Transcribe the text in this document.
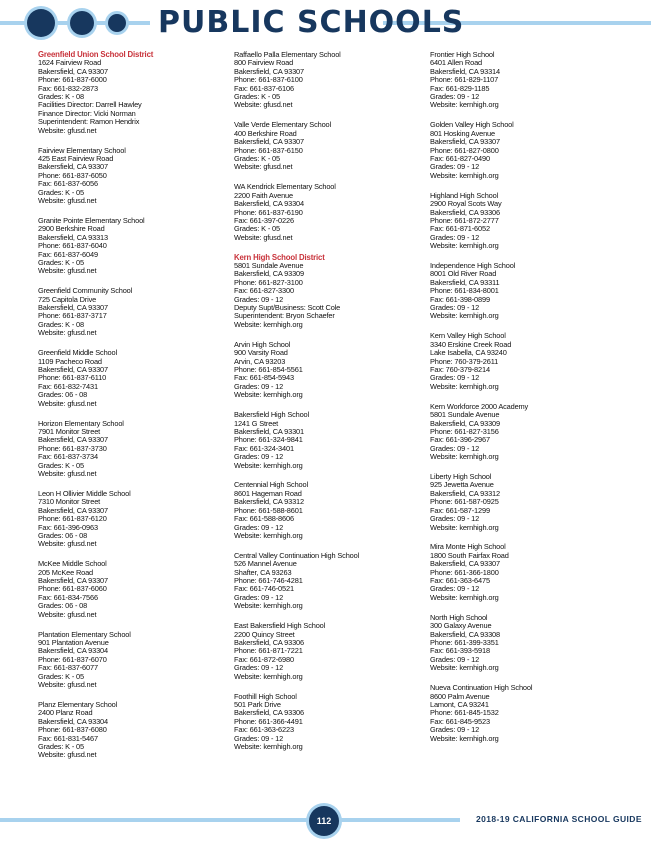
PUBLIC SCHOOLS
Greenfield Union School District
1624 Fairview Road
Bakersfield, CA 93307
Phone: 661-837-6000
Fax: 661-832-2873
Grades: K - 08
Facilities Director: Darrell Hawley
Finance Director: Vicki Norman
Superintendent: Ramon Hendrix
Website: gfusd.net
Fairview Elementary School
425 East Fairview Road
Bakersfield, CA 93307
Phone: 661-837-6050
Fax: 661-837-6056
Grades: K - 05
Website: gfusd.net
Granite Pointe Elementary School
2900 Berkshire Road
Bakersfield, CA 93313
Phone: 661-837-6040
Fax: 661-837-6049
Grades: K - 05
Website: gfusd.net
Greenfield Community School
725 Capitola Drive
Bakersfield, CA 93307
Phone: 661-837-3717
Grades: K - 08
Website: gfusd.net
Greenfield Middle School
1109 Pacheco Road
Bakersfield, CA 93307
Phone: 661-837-6110
Fax: 661-832-7431
Grades: 06 - 08
Website: gfusd.net
Horizon Elementary School
7901 Monitor Street
Bakersfield, CA 93307
Phone: 661-837-3730
Fax: 661-837-3734
Grades: K - 05
Website: gfusd.net
Leon H Ollivier Middle School
7310 Monitor Street
Bakersfield, CA 93307
Phone: 661-837-6120
Fax: 661-396-0963
Grades: 06 - 08
Website: gfusd.net
McKee Middle School
205 McKee Road
Bakersfield, CA 93307
Phone: 661-837-6060
Fax: 661-834-7566
Grades: 06 - 08
Website: gfusd.net
Plantation Elementary School
901 Plantation Avenue
Bakersfield, CA 93304
Phone: 661-837-6070
Fax: 661-837-6077
Grades: K - 05
Website: gfusd.net
Planz Elementary School
2400 Planz Road
Bakersfield, CA 93304
Phone: 661-837-6080
Fax: 661-831-5467
Grades: K - 05
Website: gfusd.net
Raffaello Palla Elementary School
800 Fairview Road
Bakersfield, CA 93307
Phone: 661-837-6100
Fax: 661-837-6106
Grades: K - 05
Website: gfusd.net
Valle Verde Elementary School
400 Berkshire Road
Bakersfield, CA 93307
Phone: 661-837-6150
Grades: K - 05
Website: gfusd.net
WA Kendrick Elementary School
2200 Faith Avenue
Bakersfield, CA 93304
Phone: 661-837-6190
Fax: 661-397-0226
Grades: K - 05
Website: gfusd.net
Kern High School District
5801 Sundale Avenue
Bakersfield, CA 93309
Phone: 661-827-3100
Fax: 661-827-3300
Grades: 09 - 12
Deputy Supt/Business: Scott Cole
Superintendent: Bryon Schaefer
Website: kernhigh.org
Arvin High School
900 Varsity Road
Arvin, CA 93203
Phone: 661-854-5561
Fax: 661-854-5943
Grades: 09 - 12
Website: kernhigh.org
Bakersfield High School
1241 G Street
Bakersfield, CA 93301
Phone: 661-324-9841
Fax: 661-324-3401
Grades: 09 - 12
Website: kernhigh.org
Centennial High School
8601 Hageman Road
Bakersfield, CA 93312
Phone: 661-588-8601
Fax: 661-588-8606
Grades: 09 - 12
Website: kernhigh.org
Central Valley Continuation High School
526 Mannel Avenue
Shafter, CA 93263
Phone: 661-746-4281
Fax: 661-746-0521
Grades: 09 - 12
Website: kernhigh.org
East Bakersfield High School
2200 Quincy Street
Bakersfield, CA 93306
Phone: 661-871-7221
Fax: 661-872-6980
Grades: 09 - 12
Website: kernhigh.org
Foothill High School
501 Park Drive
Bakersfield, CA 93306
Phone: 661-366-4491
Fax: 661-363-6223
Grades: 09 - 12
Website: kernhigh.org
Frontier High School
6401 Allen Road
Bakersfield, CA 93314
Phone: 661-829-1107
Fax: 661-829-1185
Grades: 09 - 12
Website: kernhigh.org
Golden Valley High School
801 Hosking Avenue
Bakersfield, CA 93307
Phone: 661-827-0800
Fax: 661-827-0490
Grades: 09 - 12
Website: kernhigh.org
Highland High School
2900 Royal Scots Way
Bakersfield, CA 93306
Phone: 661-872-2777
Fax: 661-871-6052
Grades: 09 - 12
Website: kernhigh.org
Independence High School
8001 Old River Road
Bakersfield, CA 93311
Phone: 661-834-8001
Fax: 661-398-0899
Grades: 09 - 12
Website: kernhigh.org
Kern Valley High School
3340 Erskine Creek Road
Lake Isabella, CA 93240
Phone: 760-379-2611
Fax: 760-379-8214
Grades: 09 - 12
Website: kernhigh.org
Kern Workforce 2000 Academy
5801 Sundale Avenue
Bakersfield, CA 93309
Phone: 661-827-3156
Fax: 661-396-2967
Grades: 09 - 12
Website: kernhigh.org
Liberty High School
925 Jewetta Avenue
Bakersfield, CA 93312
Phone: 661-587-0925
Fax: 661-587-1299
Grades: 09 - 12
Website: kernhigh.org
Mira Monte High School
1800 South Fairfax Road
Bakersfield, CA 93307
Phone: 661-366-1800
Fax: 661-363-6475
Grades: 09 - 12
Website: kernhigh.org
North High School
300 Galaxy Avenue
Bakersfield, CA 93308
Phone: 661-399-3351
Fax: 661-393-5918
Grades: 09 - 12
Website: kernhigh.org
Nueva Continuation High School
8600 Palm Avenue
Lamont, CA 93241
Phone: 661-845-1532
Fax: 661-845-9523
Grades: 09 - 12
Website: kernhigh.org
112	2018-19 CALIFORNIA SCHOOL GUIDE
